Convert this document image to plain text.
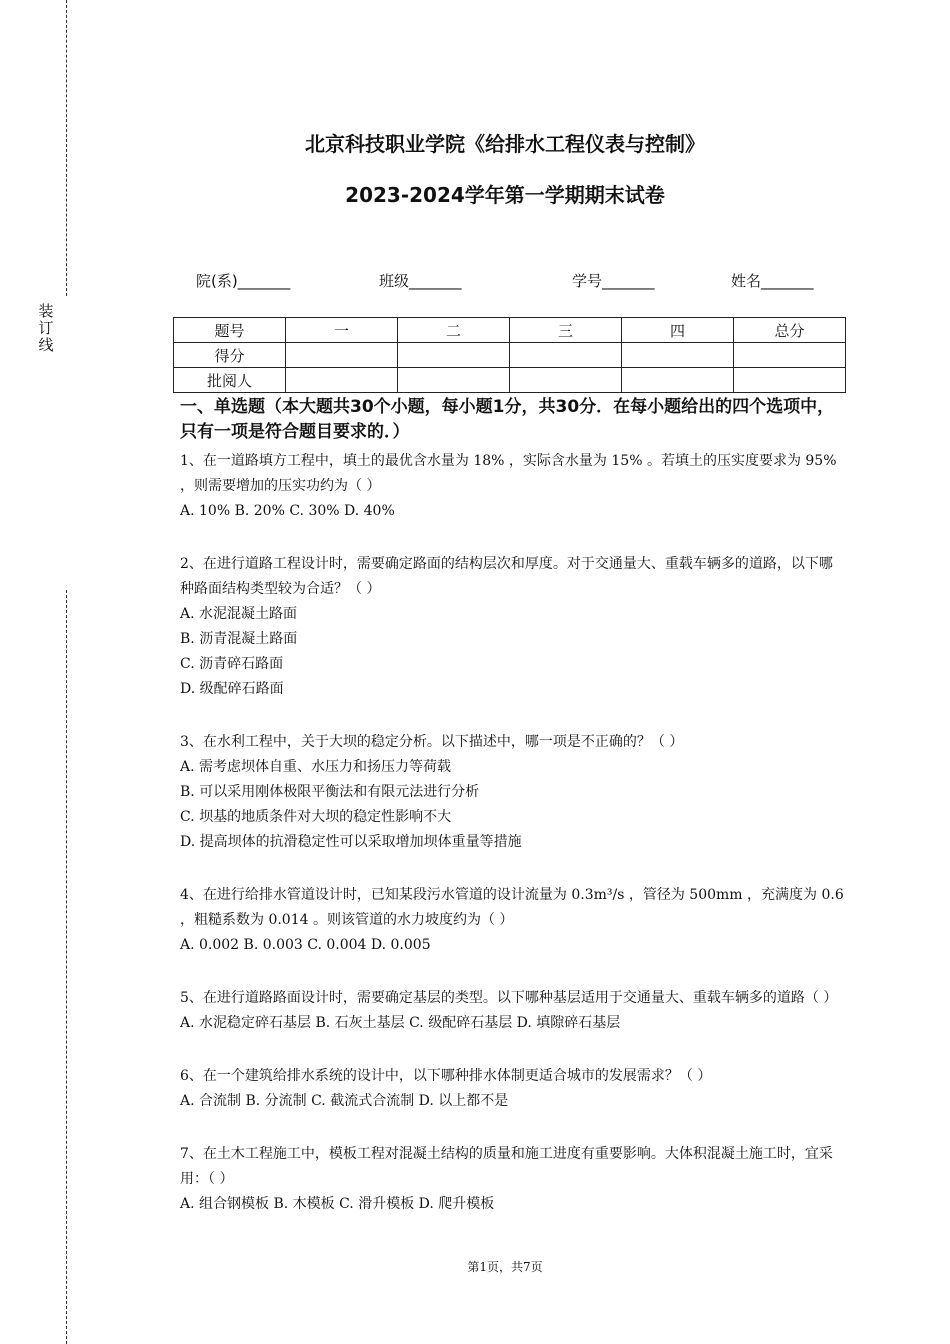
装
订
线
北京科技职业学院《给排水工程仪表与控制》
2023-2024学年第一学期期末试卷
院(系)_______	班级_______	学号_______	姓名_______
题号	一	二	三	四	总分
得分					
批阅人					

一、单选题（本大题共30个小题，每小题1分，共30分．在每小题给出的四个选项中，只有一项是符合题目要求的．）

1、在一道路填方工程中，填土的最优含水量为 18% ，实际含水量为 15% 。若填土的压实度要求为 95% ，则需要增加的压实功约为（ ）

A. 10% B. 20% C. 30% D. 40%

2、在进行道路工程设计时，需要确定路面的结构层次和厚度。对于交通量大、重载车辆多的道路，以下哪种路面结构类型较为合适？（ ）

A. 水泥混凝土路面

B. 沥青混凝土路面

C. 沥青碎石路面

D. 级配碎石路面

3、在水利工程中，关于大坝的稳定分析。以下描述中，哪一项是不正确的？（ ）

A. 需考虑坝体自重、水压力和扬压力等荷载

B. 可以采用刚体极限平衡法和有限元法进行分析

C. 坝基的地质条件对大坝的稳定性影响不大

D. 提高坝体的抗滑稳定性可以采取增加坝体重量等措施

4、在进行给排水管道设计时，已知某段污水管道的设计流量为 0.3m³/s ，管径为 500mm ，充满度为 0.6 ，粗糙系数为 0.014 。则该管道的水力坡度约为（ ）

A. 0.002 B. 0.003 C. 0.004 D. 0.005

5、在进行道路路面设计时，需要确定基层的类型。以下哪种基层适用于交通量大、重载车辆多的道路（ ）

A. 水泥稳定碎石基层 B. 石灰土基层 C. 级配碎石基层 D. 填隙碎石基层

6、在一个建筑给排水系统的设计中，以下哪种排水体制更适合城市的发展需求？（ ）

A. 合流制 B. 分流制 C. 截流式合流制 D. 以上都不是

7、在土木工程施工中，模板工程对混凝土结构的质量和施工进度有重要影响。大体积混凝土施工时，宜采用：（ ）

A. 组合钢模板 B. 木模板 C. 滑升模板 D. 爬升模板

第1页，共7页
